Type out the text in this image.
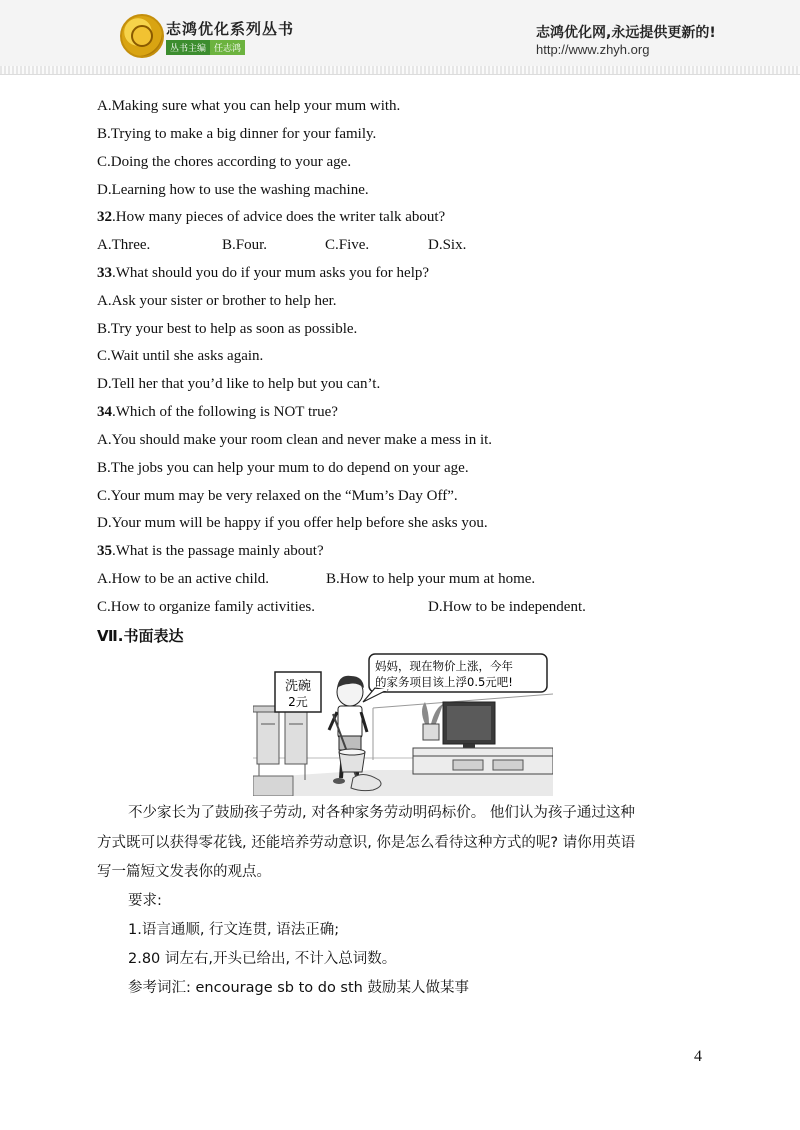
志鸿优化系列丛书
丛书主编 任志鸿
志鸿优化网,永远提供更新的!
http://www.zhyh.org
A.Making sure what you can help your mum with.
B.Trying to make a big dinner for your family.
C.Doing the chores according to your age.
D.Learning how to use the washing machine.
32.How many pieces of advice does the writer talk about?
A.Three.	B.Four.	C.Five.	D.Six.
33.What should you do if your mum asks you for help?
A.Ask your sister or brother to help her.
B.Try your best to help as soon as possible.
C.Wait until she asks again.
D.Tell her that you’d like to help but you can’t.
34.Which of the following is NOT true?
A.You should make your room clean and never make a mess in it.
B.The jobs you can help your mum to do depend on your age.
C.Your mum may be very relaxed on the “Mum’s Day Off”.
D.Your mum will be happy if you offer help before she asks you.
35.What is the passage mainly about?
A.How to be an active child.	B.How to help your mum at home.
C.How to organize family activities.	D.How to be independent.
Ⅶ.书面表达
洗碗
2元
妈妈，现在物价上涨，今年
的家务项目该上浮0.5元吧!
不少家长为了鼓励孩子劳动, 对各种家务劳动明码标价。 他们认为孩子通过这种
方式既可以获得零花钱, 还能培养劳动意识, 你是怎么看待这种方式的呢? 请你用英语
写一篇短文发表你的观点。
要求:
1.语言通顺, 行文连贯, 语法正确;
2.80 词左右,开头已给出, 不计入总词数。
参考词汇: encourage sb to do sth 鼓励某人做某事
4
